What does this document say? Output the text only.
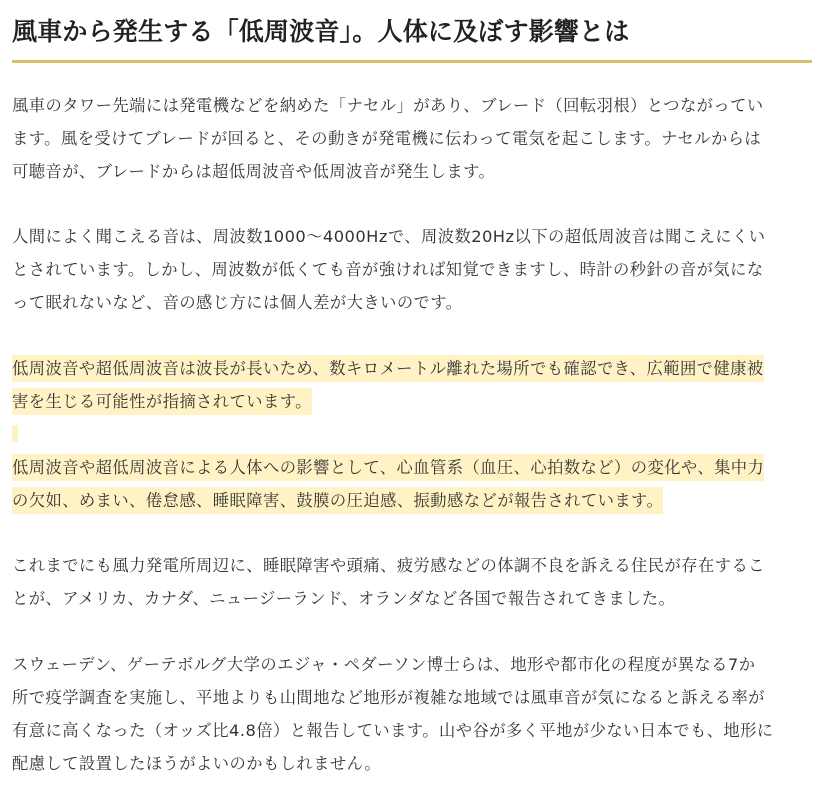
風車から発生する「低周波音」。人体に及ぼす影響とは

風車のタワー先端には発電機などを納めた「ナセル」があり、ブレード（回転羽根）とつながってい
ます。風を受けてブレードが回ると、その動きが発電機に伝わって電気を起こします。ナセルからは
可聴音が、ブレードからは超低周波音や低周波音が発生します。

人間によく聞こえる音は、周波数1000～4000Hzで、周波数20Hz以下の超低周波音は聞こえにくい
とされています。しかし、周波数が低くても音が強ければ知覚できますし、時計の秒針の音が気にな
って眠れないなど、音の感じ方には個人差が大きいのです。

低周波音や超低周波音は波長が長いため、数キロメートル離れた場所でも確認でき、広範囲で健康被
害を生じる可能性が指摘されています。

低周波音や超低周波音による人体への影響として、心血管系（血圧、心拍数など）の変化や、集中力
の欠如、めまい、倦怠感、睡眠障害、鼓膜の圧迫感、振動感などが報告されています。

これまでにも風力発電所周辺に、睡眠障害や頭痛、疲労感などの体調不良を訴える住民が存在するこ
とが、アメリカ、カナダ、ニュージーランド、オランダなど各国で報告されてきました。

スウェーデン、ゲーテボルグ大学のエジャ・ペダーソン博士らは、地形や都市化の程度が異なる7か
所で疫学調査を実施し、平地よりも山間地など地形が複雑な地域では風車音が気になると訴える率が
有意に高くなった（オッズ比4.8倍）と報告しています。山や谷が多く平地が少ない日本でも、地形に
配慮して設置したほうがよいのかもしれません。
